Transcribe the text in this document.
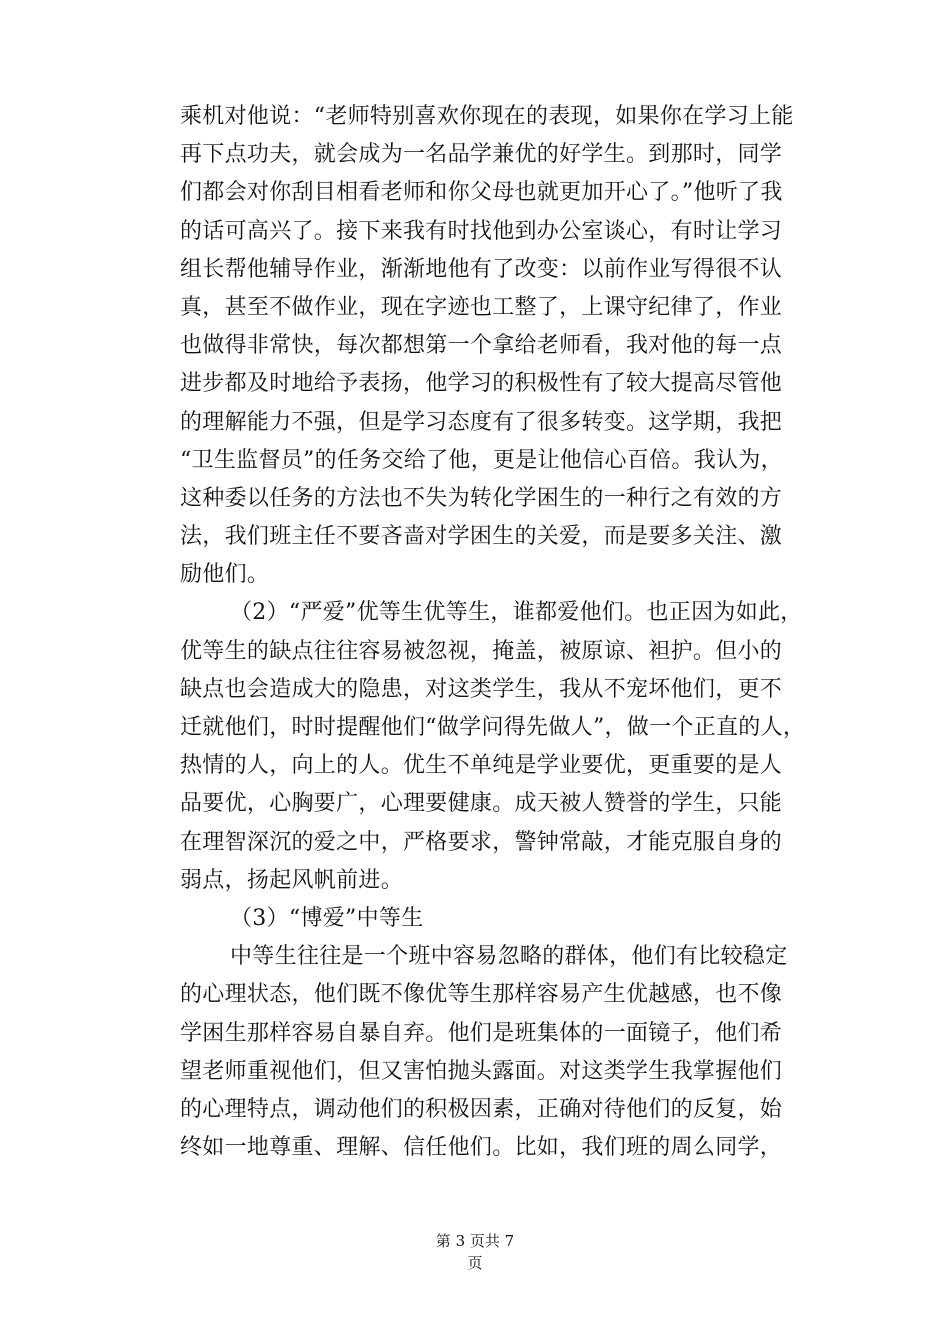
乘机对他说：“老师特别喜欢你现在的表现，如果你在学习上能
再下点功夫，就会成为一名品学兼优的好学生。到那时，同学
们都会对你刮目相看老师和你父母也就更加开心了。”他听了我
的话可高兴了。接下来我有时找他到办公室谈心，有时让学习
组长帮他辅导作业，渐渐地他有了改变：以前作业写得很不认
真，甚至不做作业，现在字迹也工整了，上课守纪律了，作业
也做得非常快，每次都想第一个拿给老师看，我对他的每一点
进步都及时地给予表扬，他学习的积极性有了较大提高尽管他
的理解能力不强，但是学习态度有了很多转变。这学期，我把
“卫生监督员”的任务交给了他，更是让他信心百倍。我认为，
这种委以任务的方法也不失为转化学困生的一种行之有效的方
法，我们班主任不要吝啬对学困生的关爱，而是要多关注、激
励他们。
（2）“严爱”优等生优等生，谁都爱他们。也正因为如此，
优等生的缺点往往容易被忽视，掩盖，被原谅、袒护。但小的
缺点也会造成大的隐患，对这类学生，我从不宠坏他们，更不
迁就他们，时时提醒他们“做学问得先做人”，做一个正直的人，
热情的人，向上的人。优生不单纯是学业要优，更重要的是人
品要优，心胸要广，心理要健康。成天被人赞誉的学生，只能
在理智深沉的爱之中，严格要求，警钟常敲，才能克服自身的
弱点，扬起风帆前进。
（3）“博爱”中等生
中等生往往是一个班中容易忽略的群体，他们有比较稳定
的心理状态，他们既不像优等生那样容易产生优越感，也不像
学困生那样容易自暴自弃。他们是班集体的一面镜子，他们希
望老师重视他们，但又害怕抛头露面。对这类学生我掌握他们
的心理特点，调动他们的积极因素，正确对待他们的反复，始
终如一地尊重、理解、信任他们。比如，我们班的周么同学，
第 3 页共 7
页
